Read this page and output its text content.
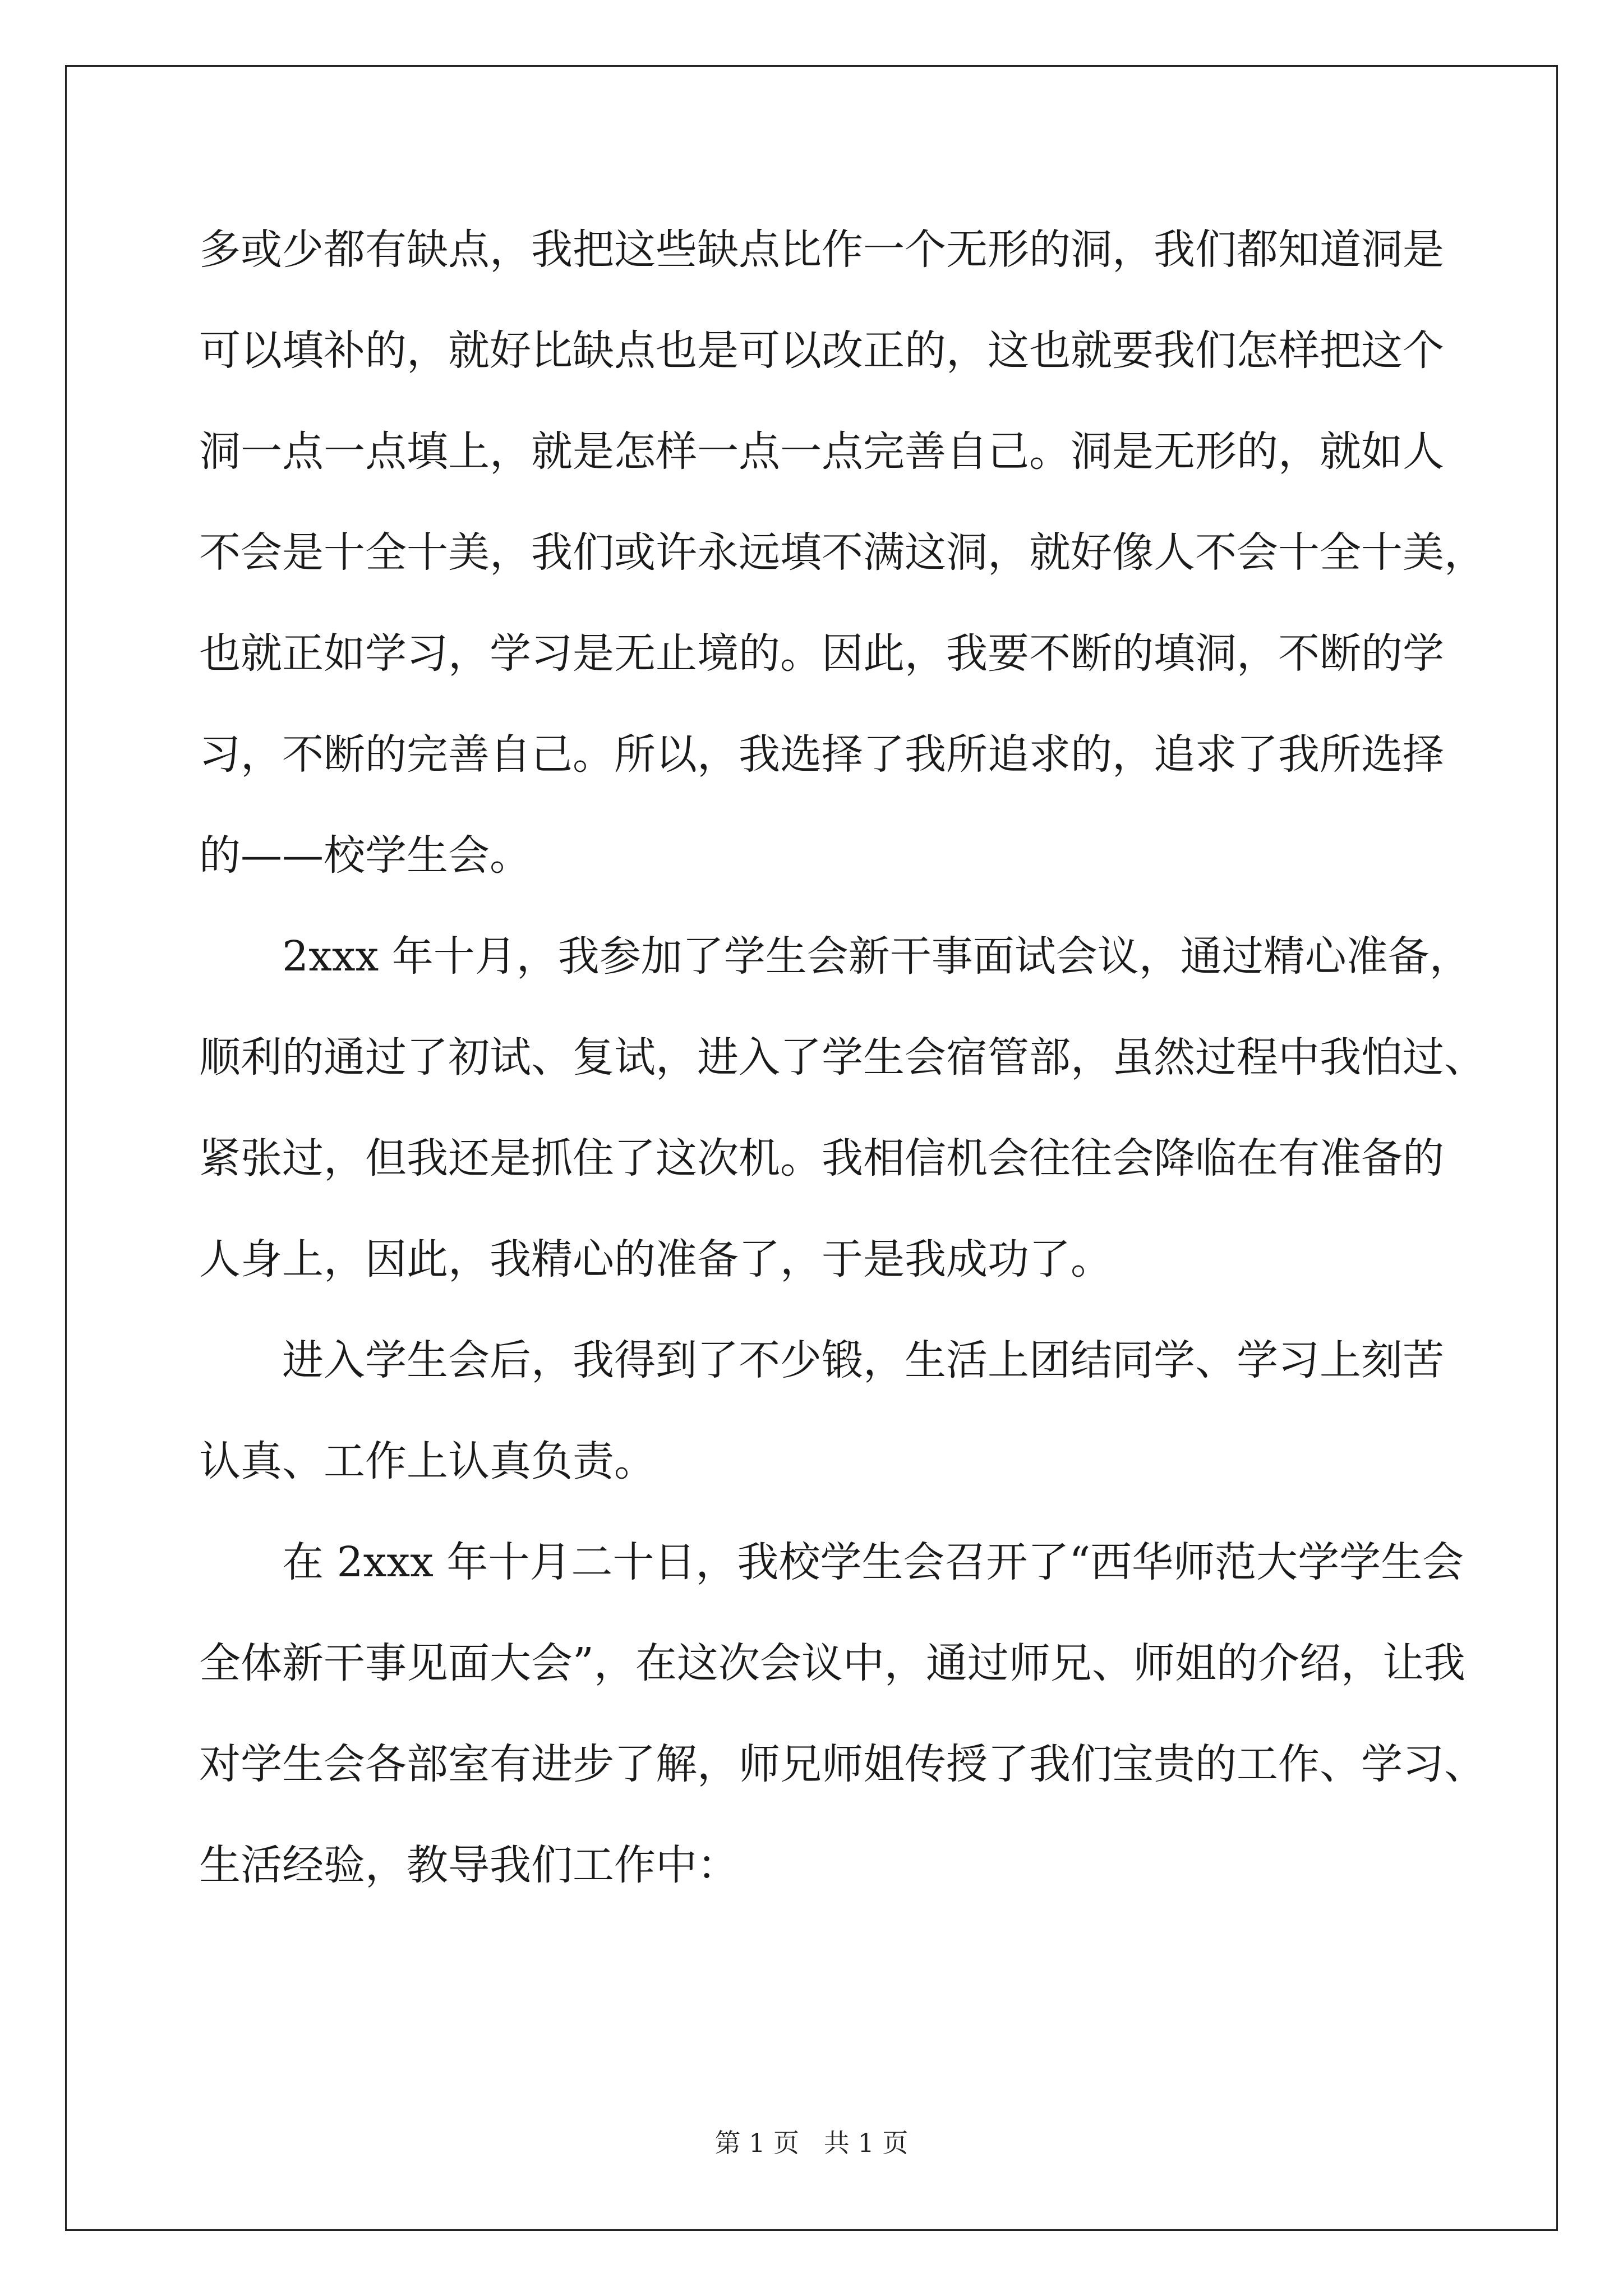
多或少都有缺点，我把这些缺点比作一个无形的洞，我们都知道洞是
可以填补的，就好比缺点也是可以改正的，这也就要我们怎样把这个
洞一点一点填上，就是怎样一点一点完善自己。洞是无形的，就如人
不会是十全十美，我们或许永远填不满这洞，就好像人不会十全十美，
也就正如学习，学习是无止境的。因此，我要不断的填洞，不断的学
习，不断的完善自己。所以，我选择了我所追求的，追求了我所选择
的——校学生会。
2xxx 年十月，我参加了学生会新干事面试会议，通过精心准备，
顺利的通过了初试、复试，进入了学生会宿管部，虽然过程中我怕过、
紧张过，但我还是抓住了这次机。我相信机会往往会降临在有准备的
人身上，因此，我精心的准备了，于是我成功了。
进入学生会后，我得到了不少锻，生活上团结同学、学习上刻苦
认真、工作上认真负责。
在 2xxx 年十月二十日，我校学生会召开了“西华师范大学学生会
全体新干事见面大会”，在这次会议中，通过师兄、师姐的介绍，让我
对学生会各部室有进步了解，师兄师姐传授了我们宝贵的工作、学习、
生活经验，教导我们工作中：
第 1 页   共 1 页
